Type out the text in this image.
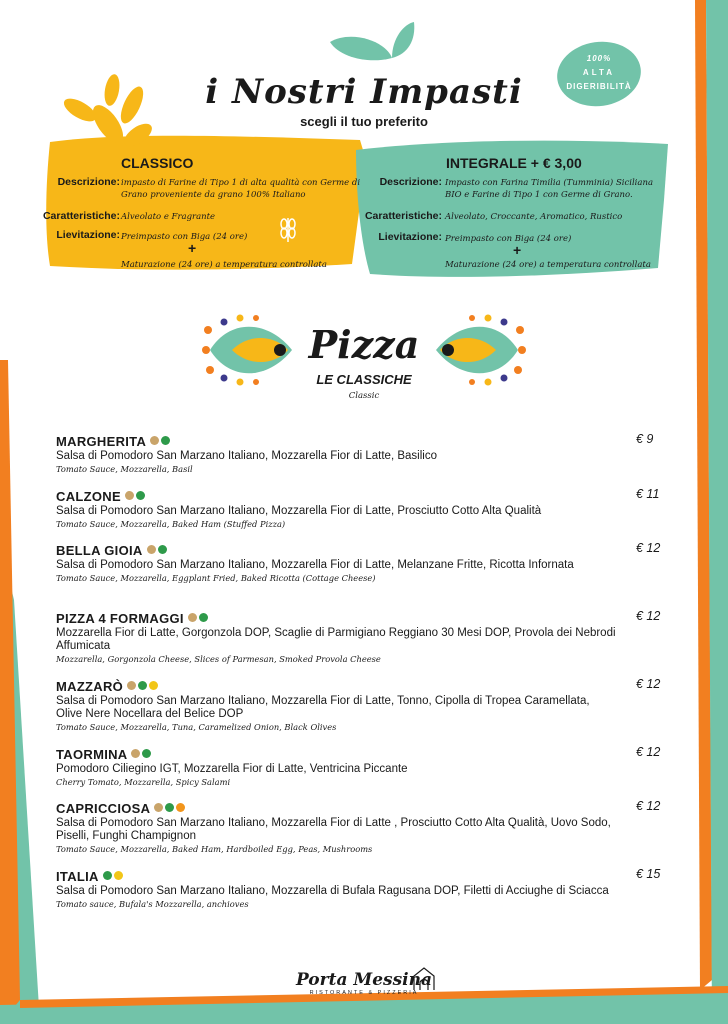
i Nostri Impasti
scegli il tuo preferito
100%
ALTA
DIGERIBILITÀ
CLASSICO
Descrizione: impasto di Farine di Tipo 1 di alta qualità con Germe di Grano proveniente da grano 100% Italiano
Caratteristiche: Alveolato e Fragrante
Lievitazione: Preimpasto con Biga (24 ore)
+
Maturazione (24 ore) a temperatura controllata
INTEGRALE + € 3,00
Descrizione: Impasto con Farina Timilia (Tumminia) Siciliana BIO e Farine di Tipo 1 con Germe di Grano.
Caratteristiche: Alveolato, Croccante, Aromatico, Rustico
Lievitazione: Preimpasto con Biga (24 ore)
+
Maturazione (24 ore) a temperatura controllata
Pizza
LE CLASSICHE
Classic
MARGHERITA
Salsa di Pomodoro San Marzano Italiano, Mozzarella Fior di Latte, Basilico
Tomato Sauce, Mozzarella, Basil
€ 9
CALZONE
Salsa di Pomodoro San Marzano Italiano, Mozzarella Fior di Latte, Prosciutto Cotto Alta Qualità
Tomato Sauce, Mozzarella, Baked Ham (Stuffed Pizza)
€ 11
BELLA GIOIA
Salsa di Pomodoro San Marzano Italiano, Mozzarella Fior di Latte, Melanzane Fritte, Ricotta Infornata
Tomato Sauce, Mozzarella, Eggplant Fried, Baked Ricotta (Cottage Cheese)
€ 12
PIZZA 4 FORMAGGI
Mozzarella Fior di Latte, Gorgonzola DOP, Scaglie di Parmigiano Reggiano 30 Mesi DOP, Provola dei Nebrodi Affumicata
Mozzarella, Gorgonzola Cheese, Slices of Parmesan, Smoked Provola Cheese
€ 12
MAZZARÒ
Salsa di Pomodoro San Marzano Italiano, Mozzarella Fior di Latte, Tonno, Cipolla di Tropea Caramellata, Olive Nere Nocellara del Belice DOP
Tomato Sauce, Mozzarella, Tuna, Caramelized Onion, Black Olives
€ 12
TAORMINA
Pomodoro Ciliegino IGT, Mozzarella Fior di Latte, Ventricina Piccante
Cherry Tomato, Mozzarella, Spicy Salami
€ 12
CAPRICCIOSA
Salsa di Pomodoro San Marzano Italiano, Mozzarella Fior di Latte , Prosciutto Cotto Alta Qualità, Uovo Sodo, Piselli, Funghi Champignon
Tomato Sauce, Mozzarella, Baked Ham, Hardboiled Egg, Peas, Mushrooms
€ 12
ITALIA
Salsa di Pomodoro San Marzano Italiano, Mozzarella di Bufala Ragusana DOP, Filetti di Acciughe di Sciacca
Tomato sauce, Bufala's Mozzarella, anchioves
€ 15
Porta Messina
RISTORANTE & PIZZERIA
